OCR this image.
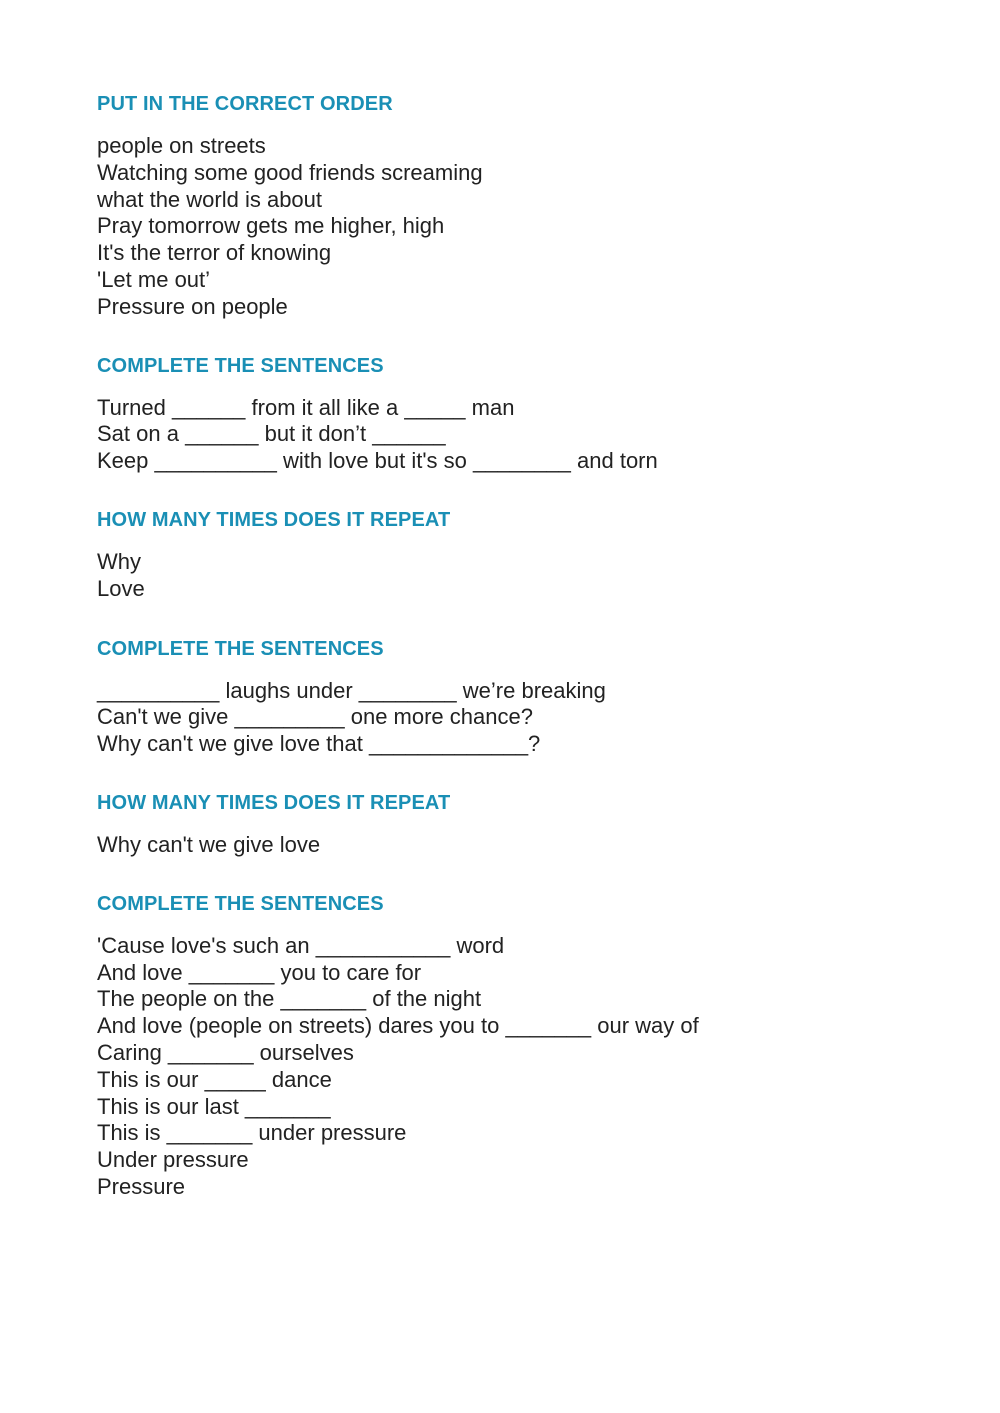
PUT IN THE CORRECT ORDER

people on streets

Watching some good friends screaming

what the world is about

Pray tomorrow gets me higher, high

It's the terror of knowing

'Let me out’

Pressure on people

COMPLETE THE SENTENCES

Turned ______ from it all like a _____ man

Sat on a ______ but it don’t ______

Keep __________ with love but it's so ________ and torn

HOW MANY TIMES DOES IT REPEAT

Why

Love

COMPLETE THE SENTENCES

__________ laughs under ________ we’re breaking

Can't we give _________ one more chance?

Why can't we give love that _____________?

HOW MANY TIMES DOES IT REPEAT

Why can't we give love

COMPLETE THE SENTENCES

'Cause love's such an ___________ word

And love _______ you to care for

The people on the _______ of the night

And love (people on streets) dares you to _______ our way of

Caring _______ ourselves

This is our _____ dance

This is our last _______

This is _______ under pressure

Under pressure

Pressure
